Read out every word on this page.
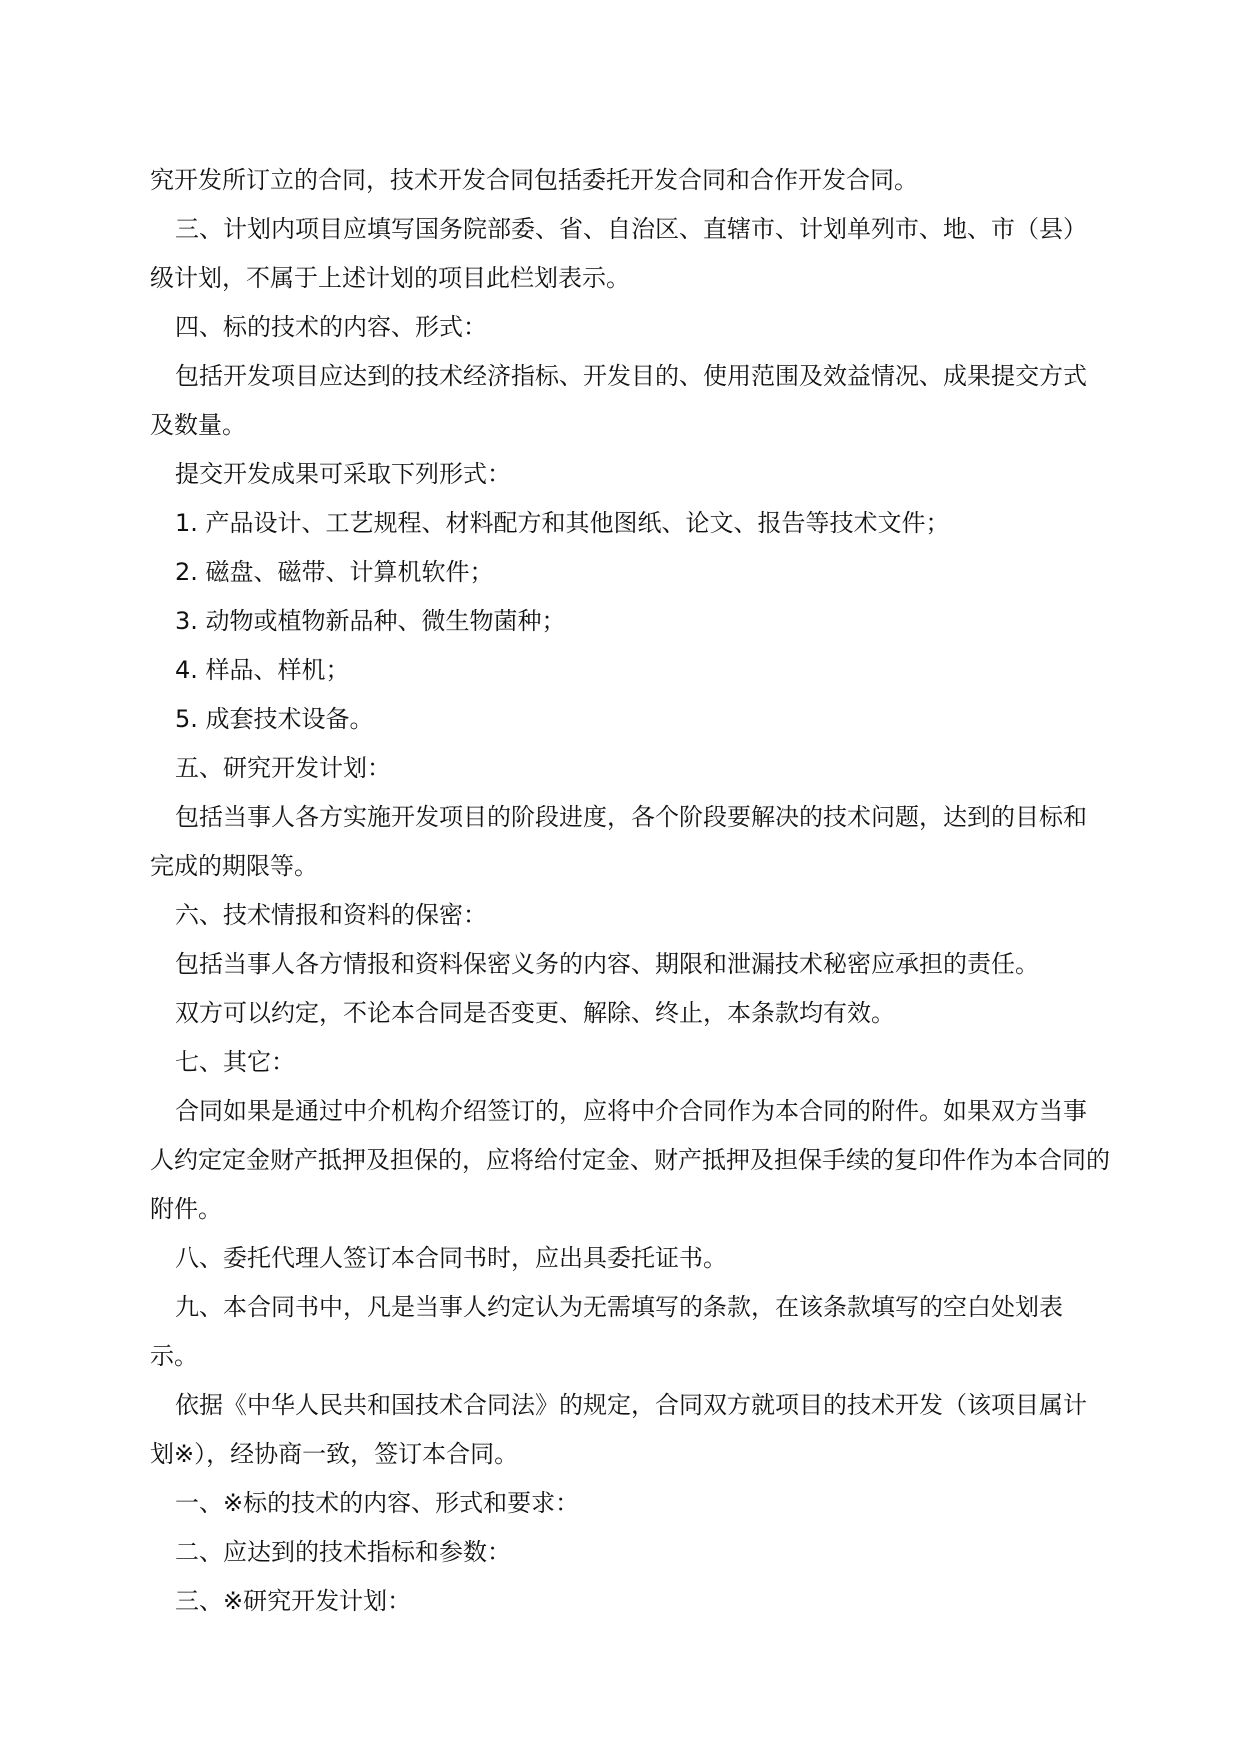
究开发所订立的合同，技术开发合同包括委托开发合同和合作开发合同。

三、计划内项目应填写国务院部委、省、自治区、直辖市、计划单列市、地、市（县）级计划，不属于上述计划的项目此栏划表示。

四、标的技术的内容、形式：

包括开发项目应达到的技术经济指标、开发目的、使用范围及效益情况、成果提交方式及数量。

提交开发成果可采取下列形式：

1. 产品设计、工艺规程、材料配方和其他图纸、论文、报告等技术文件；

2. 磁盘、磁带、计算机软件；

3. 动物或植物新品种、微生物菌种；

4. 样品、样机；

5. 成套技术设备。

五、研究开发计划：

包括当事人各方实施开发项目的阶段进度，各个阶段要解决的技术问题，达到的目标和完成的期限等。

六、技术情报和资料的保密：

包括当事人各方情报和资料保密义务的内容、期限和泄漏技术秘密应承担的责任。

双方可以约定，不论本合同是否变更、解除、终止，本条款均有效。

七、其它：

合同如果是通过中介机构介绍签订的，应将中介合同作为本合同的附件。如果双方当事人约定定金财产抵押及担保的，应将给付定金、财产抵押及担保手续的复印件作为本合同的附件。

八、委托代理人签订本合同书时，应出具委托证书。

九、本合同书中，凡是当事人约定认为无需填写的条款，在该条款填写的空白处划表示。

依据《中华人民共和国技术合同法》的规定，合同双方就项目的技术开发（该项目属计划※），经协商一致，签订本合同。

一、※标的技术的内容、形式和要求：

二、应达到的技术指标和参数：

三、※研究开发计划：
